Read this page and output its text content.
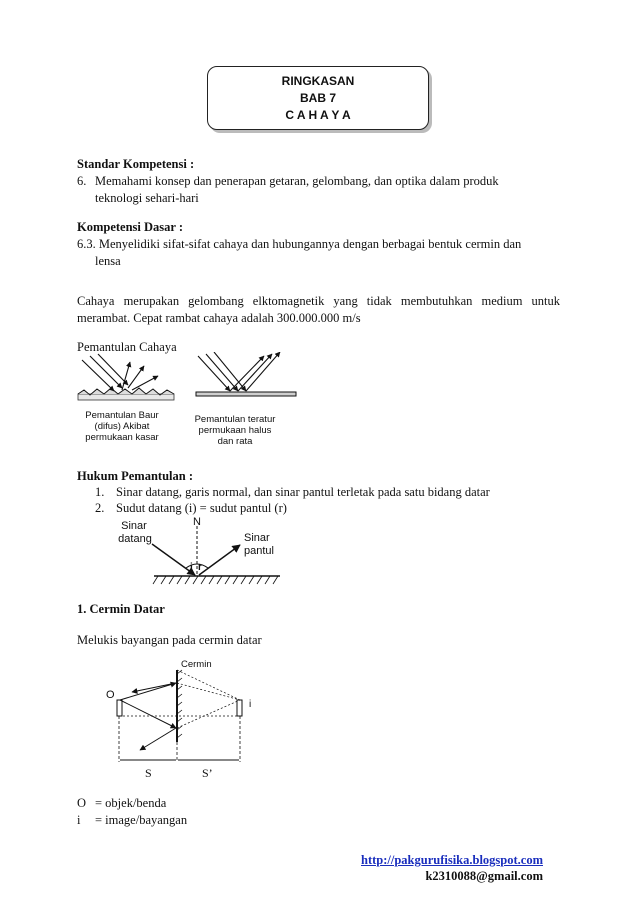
RINGKASAN
BAB 7
C A H A Y A
Standar Kompetensi :
6. Memahami konsep dan penerapan getaran, gelombang, dan optika dalam produk
teknologi sehari-hari
Kompetensi Dasar :
6.3. Menyelidiki sifat-sifat cahaya dan hubungannya dengan berbagai bentuk cermin dan
lensa
Cahaya merupakan gelombang elktomagnetik yang tidak membutuhkan medium untuk
merambat. Cepat rambat cahaya adalah 300.000.000 m/s
Pemantulan Cahaya
Pemantulan Baur
(difus) Akibat
permukaan kasar
Pemantulan teratur
permukaan halus
dan rata
Hukum Pemantulan :
1. Sinar datang, garis normal, dan sinar pantul terletak pada satu bidang datar
2. Sudut datang (i) = sudut pantul (r)
Sinar
datang
N
Sinar
pantul
i r
1. Cermin Datar
Melukis bayangan pada cermin datar
Cermin
O
i
S	S’
O = objek/benda
i = image/bayangan
http://pakgurufisika.blogspot.com
k2310088@gmail.com
